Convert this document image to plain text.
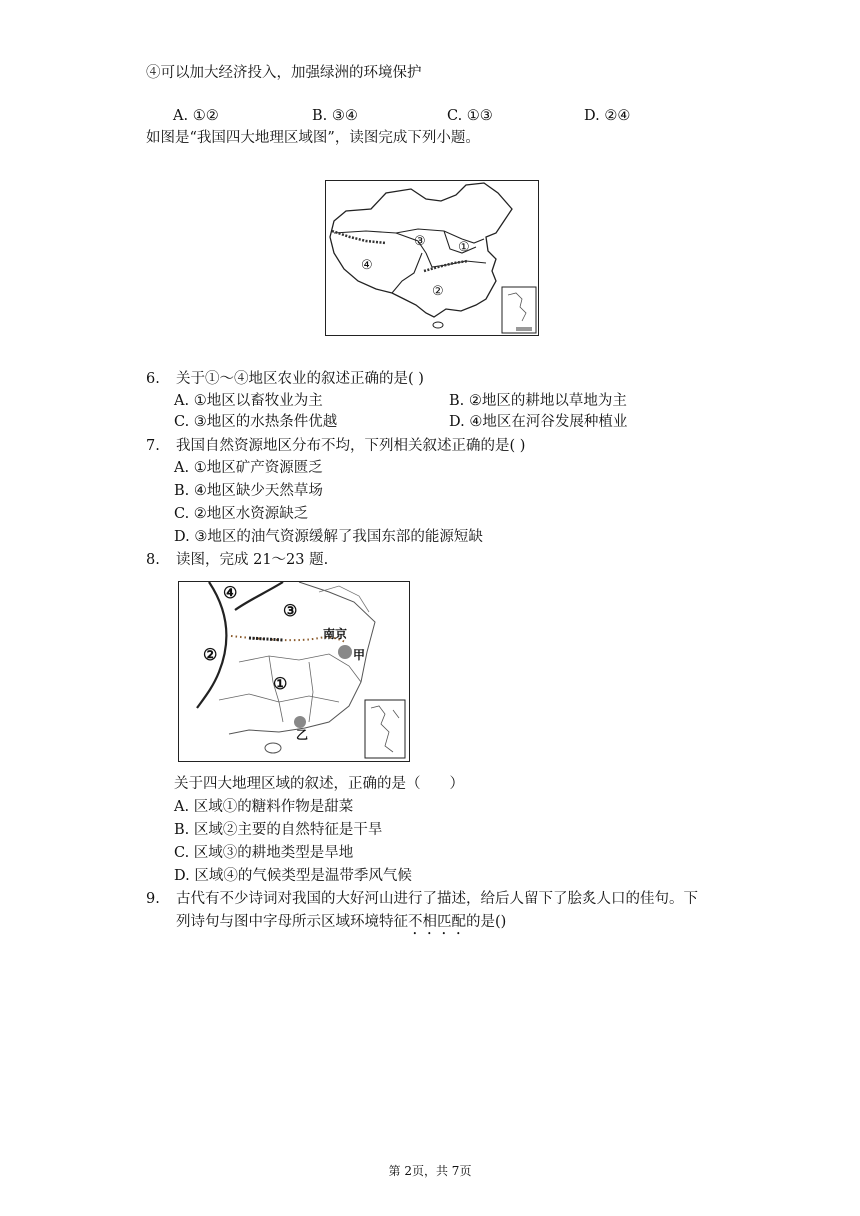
④可以加大经济投入，加强绿洲的环境保护
A. ①②	B. ③④	C. ①③	D. ②④
如图是“我国四大地理区域图”，读图完成下列小题。
①
②
③
④
6. 关于①～④地区农业的叙述正确的是( )
A. ①地区以畜牧业为主	B. ②地区的耕地以草地为主
C. ③地区的水热条件优越	D. ④地区在河谷发展种植业
7. 我国自然资源地区分布不均，下列相关叙述正确的是( )
A. ①地区矿产资源匮乏
B. ④地区缺少天然草场
C. ②地区水资源缺乏
D. ③地区的油气资源缓解了我国东部的能源短缺
8. 读图，完成 21～23 题.
④
③
②
①
南京
甲
乙
关于四大地理区域的叙述，正确的是（　　）
A. 区域①的糖料作物是甜菜
B. 区域②主要的自然特征是干旱
C. 区域③的耕地类型是旱地
D. 区域④的气候类型是温带季风气候
9. 古代有不少诗词对我国的大好河山进行了描述，给后人留下了脍炙人口的佳句。下
列诗句与图中字母所示区域环境特征不相匹配的是()
第 2页，共 7页
